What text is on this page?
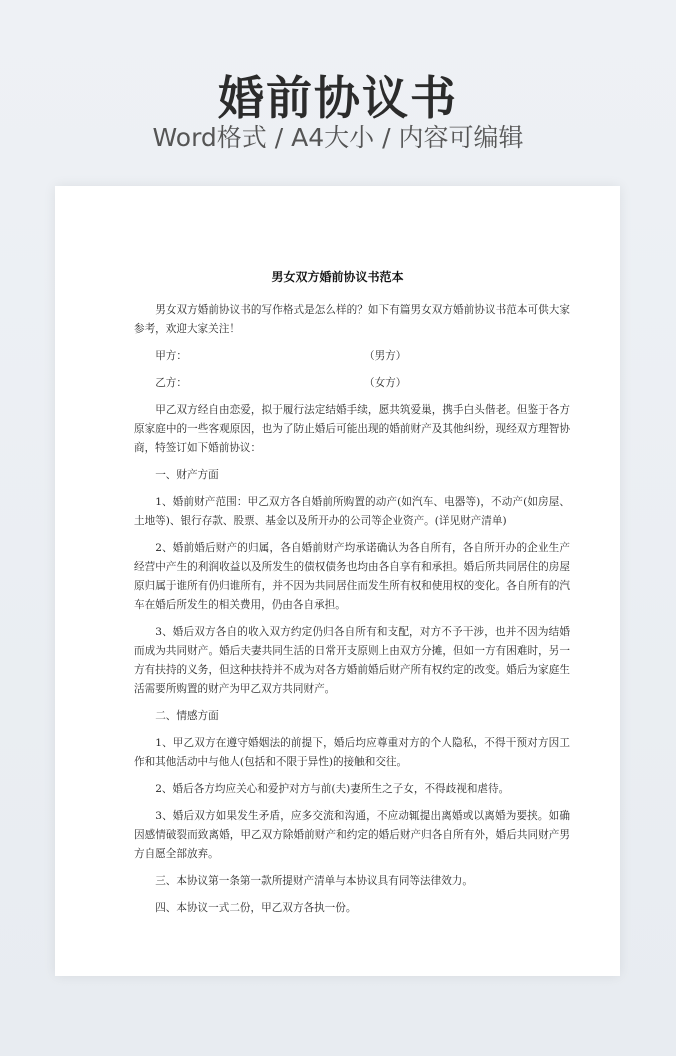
婚前协议书
Word格式 / A4大小 / 内容可编辑
男女双方婚前协议书范本

男女双方婚前协议书的写作格式是怎么样的？如下有篇男女双方婚前协议书范本可供大家参考，欢迎大家关注！

甲方：	（男方）
乙方：	（女方）

甲乙双方经自由恋爱，拟于履行法定结婚手续，愿共筑爱巢，携手白头偕老。但鉴于各方原家庭中的一些客观原因，也为了防止婚后可能出现的婚前财产及其他纠纷，现经双方理智协商，特签订如下婚前协议：

一、财产方面

1、婚前财产范围：甲乙双方各自婚前所购置的动产(如汽车、电器等)，不动产(如房屋、土地等)、银行存款、股票、基金以及所开办的公司等企业资产。(详见财产清单)

2、婚前婚后财产的归属，各自婚前财产均承诺确认为各自所有，各自所开办的企业生产经营中产生的利润收益以及所发生的债权债务也均由各自享有和承担。婚后所共同居住的房屋原归属于谁所有仍归谁所有，并不因为共同居住而发生所有权和使用权的变化。各自所有的汽车在婚后所发生的相关费用，仍由各自承担。

3、婚后双方各自的收入双方约定仍归各自所有和支配，对方不予干涉，也并不因为结婚而成为共同财产。婚后夫妻共同生活的日常开支原则上由双方分摊，但如一方有困难时，另一方有扶持的义务，但这种扶持并不成为对各方婚前婚后财产所有权约定的改变。婚后为家庭生活需要所购置的财产为甲乙双方共同财产。

二、情感方面

1、甲乙双方在遵守婚姻法的前提下，婚后均应尊重对方的个人隐私，不得干预对方因工作和其他活动中与他人(包括和不限于异性)的接触和交往。

2、婚后各方均应关心和爱护对方与前(夫)妻所生之子女，不得歧视和虐待。

3、婚后双方如果发生矛盾，应多交流和沟通，不应动辄提出离婚或以离婚为要挟。如确因感情破裂而致离婚，甲乙双方除婚前财产和约定的婚后财产归各自所有外，婚后共同财产男方自愿全部放弃。

三、本协议第一条第一款所提财产清单与本协议具有同等法律效力。

四、本协议一式二份，甲乙双方各执一份。
